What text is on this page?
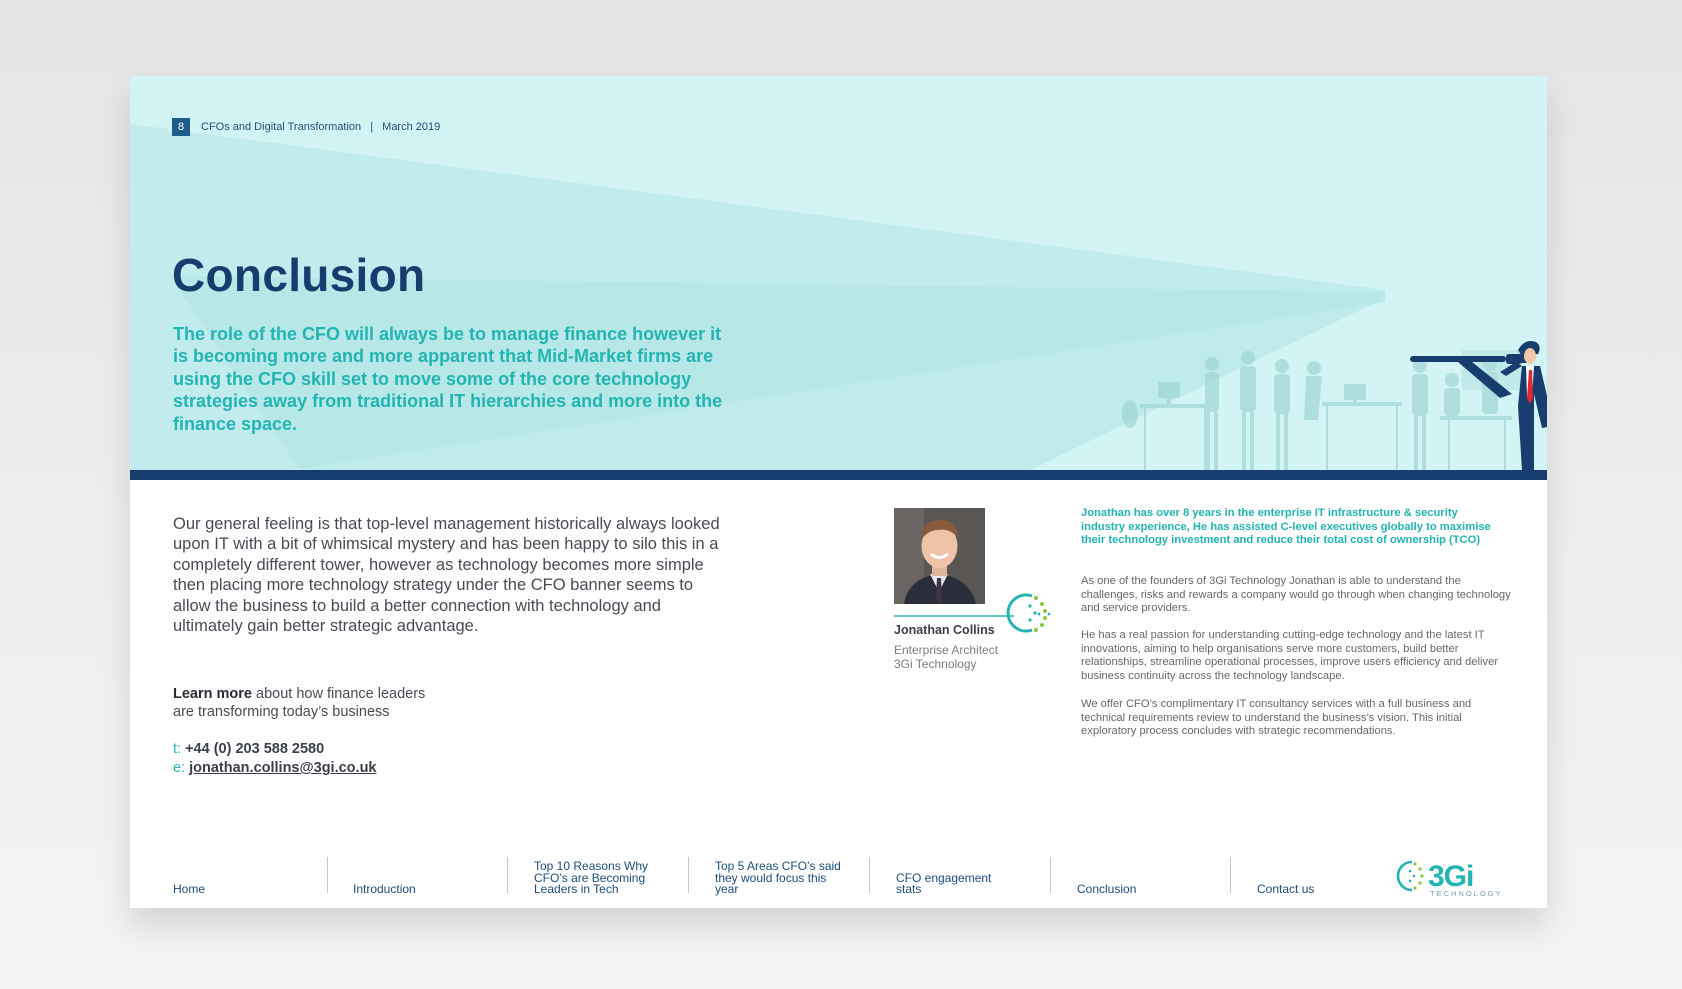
8	CFOs and Digital Transformation | March 2019
Conclusion

The role of the CFO will always be to manage finance however it is becoming more and more apparent that Mid-Market firms are using the CFO skill set to move some of the core technology strategies away from traditional IT hierarchies and more into the finance space.

Our general feeling is that top-level management historically always looked upon IT with a bit of whimsical mystery and has been happy to silo this in a completely different tower, however as technology becomes more simple then placing more technology strategy under the CFO banner seems to allow the business to build a better connection with technology and ultimately gain better strategic advantage.

Learn more about how finance leaders
are transforming today’s business

t: +44 (0) 203 588 2580
e: jonathan.collins@3gi.co.uk
Jonathan Collins
Enterprise Architect
3Gi Technology

Jonathan has over 8 years in the enterprise IT infrastructure & security industry experience, He has assisted C-level executives globally to maximise their technology investment and reduce their total cost of ownership (TCO)

As one of the founders of 3Gi Technology Jonathan is able to understand the challenges, risks and rewards a company would go through when changing technology and service providers.

He has a real passion for understanding cutting-edge technology and the latest IT innovations, aiming to help organisations serve more customers, build better relationships, streamline operational processes, improve users efficiency and deliver business continuity across the technology landscape.

We offer CFO’s complimentary IT consultancy services with a full business and technical requirements review to understand the business’s vision. This initial exploratory process concludes with strategic recommendations.

Home	Introduction
Top 10 Reasons Why CFO’s are Becoming Leaders in Tech
Top 5 Areas CFO’s said they would focus this year
CFO engagement stats	Conclusion	Contact us	3Gi
TECHNOLOGY
